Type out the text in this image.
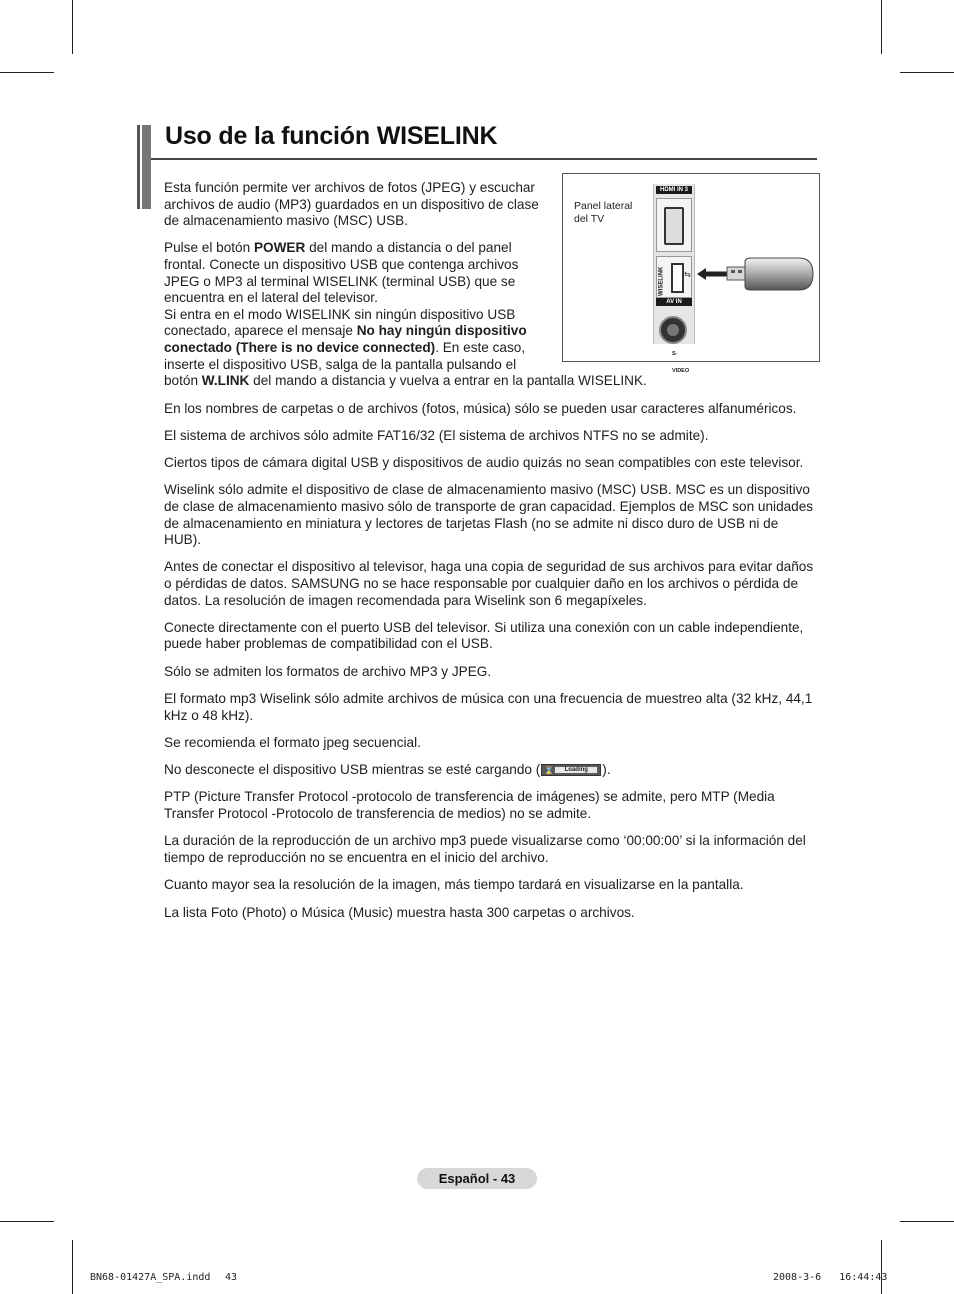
Uso de la función WISELINK
Panel lateral
del TV
HDMI IN 3
WISELINK	⇆
AV IN
S-VIDEO

Esta función permite ver archivos de fotos (JPEG) y escuchar archivos de audio (MP3) guardados en un dispositivo de clase de almacenamiento masivo (MSC) USB.

Pulse el botón POWER del mando a distancia o del panel frontal. Conecte un dispositivo USB que contenga archivos JPEG o MP3 al terminal WISELINK (terminal USB) que se encuentra en el lateral del televisor.
Si entra en el modo WISELINK sin ningún dispositivo USB conectado, aparece el mensaje No hay ningún dispositivo conectado (There is no device connected). En este caso, inserte el dispositivo USB, salga de la pantalla pulsando el botón W.LINK del mando a distancia y vuelva a entrar en la pantalla WISELINK.

En los nombres de carpetas o de archivos (fotos, música) sólo se pueden usar caracteres alfanuméricos.

El sistema de archivos sólo admite FAT16/32 (El sistema de archivos NTFS no se admite).

Ciertos tipos de cámara digital USB y dispositivos de audio quizás no sean compatibles con este televisor.

Wiselink sólo admite el dispositivo de clase de almacenamiento masivo (MSC) USB. MSC es un dispositivo de clase de almacenamiento masivo sólo de transporte de gran capacidad. Ejemplos de MSC son unidades de almacenamiento en miniatura y lectores de tarjetas Flash (no se admite ni disco duro de USB ni de HUB).

Antes de conectar el dispositivo al televisor, haga una copia de seguridad de sus archivos para evitar daños o pérdidas de datos. SAMSUNG no se hace responsable por cualquier daño en los archivos o pérdida de datos. La resolución de imagen recomendada para Wiselink son 6 megapíxeles.

Conecte directamente con el puerto USB del televisor. Si utiliza una conexión con un cable independiente, puede haber problemas de compatibilidad con el USB.

Sólo se admiten los formatos de archivo MP3 y JPEG.

El formato mp3 Wiselink sólo admite archivos de música con una frecuencia de muestreo alta (32 kHz, 44,1 kHz o 48 kHz).

Se recomienda el formato jpeg secuencial.

No desconecte el dispositivo USB mientras se esté cargando ( ⌛	Loading	).

PTP (Picture Transfer Protocol -protocolo de transferencia de imágenes) se admite, pero MTP (Media Transfer Protocol -Protocolo de transferencia de medios) no se admite.

La duración de la reproducción de un archivo mp3 puede visualizarse como ‘00:00:00’ si la información del tiempo de reproducción no se encuentra en el inicio del archivo.

Cuanto mayor sea la resolución de la imagen, más tiempo tardará en visualizarse en la pantalla.

La lista Foto (Photo) o Música (Music) muestra hasta 300 carpetas o archivos.

Español - 43
BN68-01427A_SPA.indd 43	2008-3-6   16:44:43
